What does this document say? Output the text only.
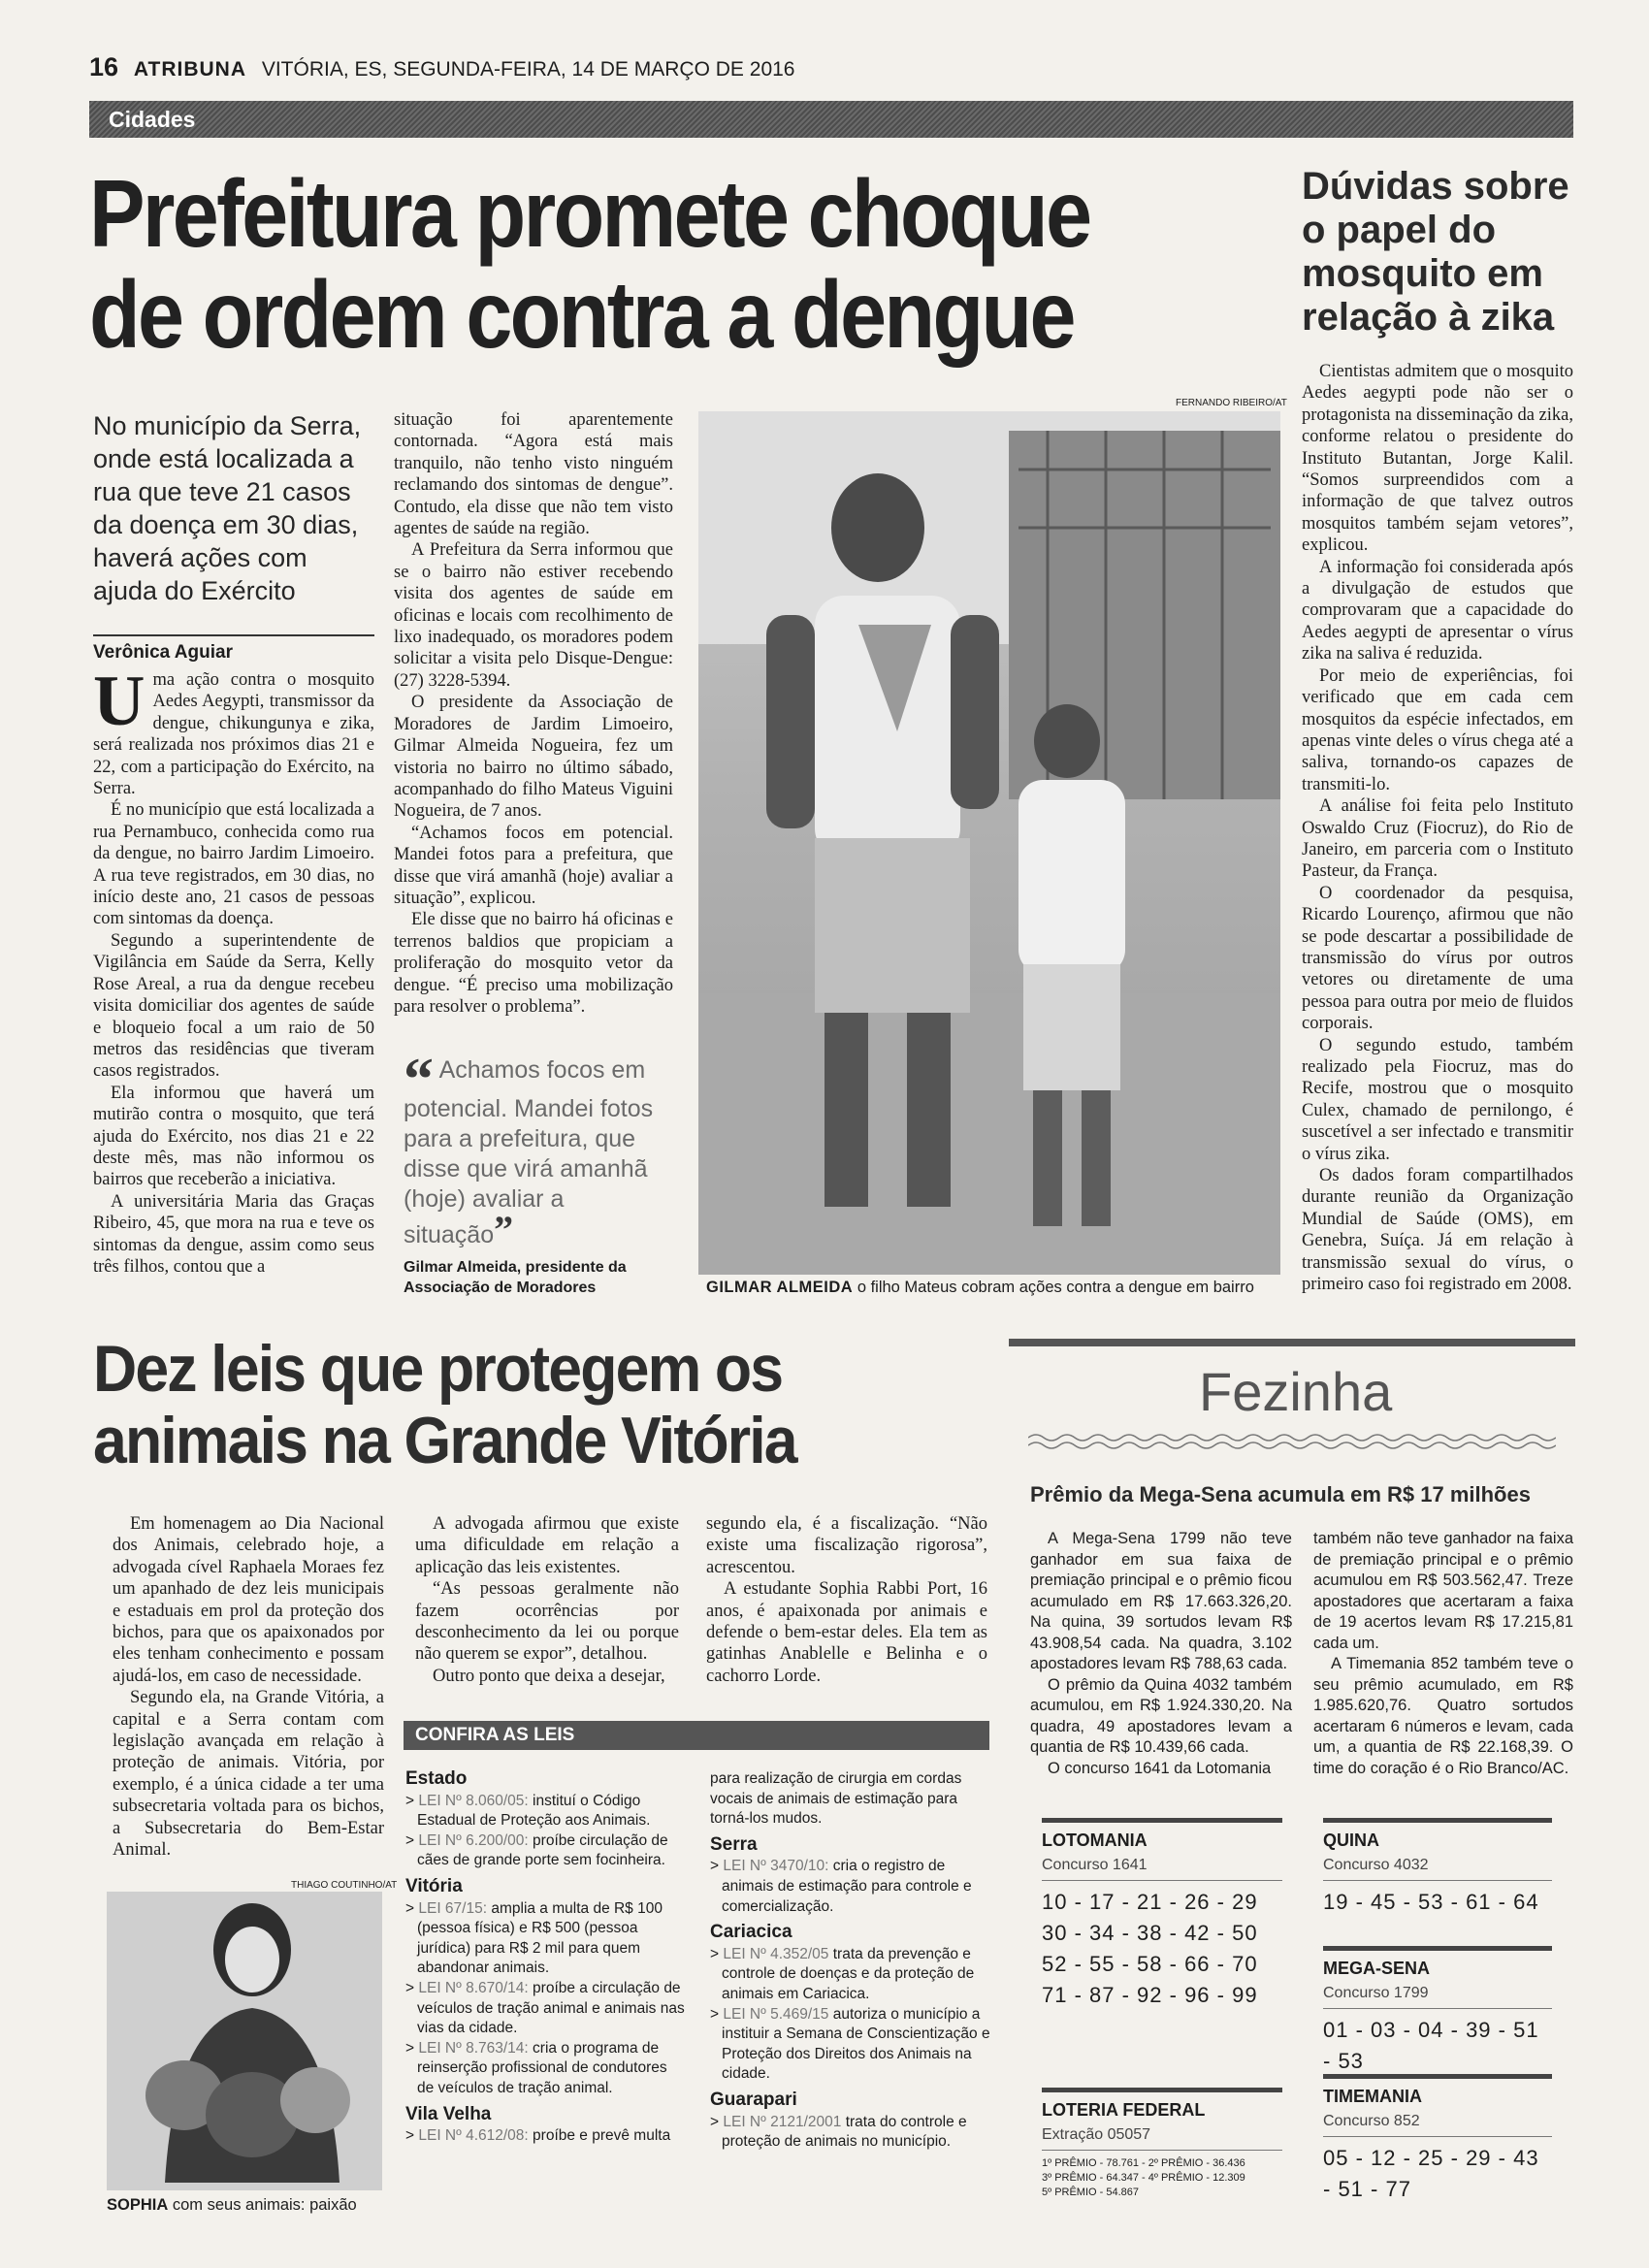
16 ATRIBUNA VITÓRIA, ES, SEGUNDA-FEIRA, 14 DE MARÇO DE 2016
Cidades
Prefeitura promete choque de ordem contra a dengue
No município da Serra, onde está localizada a rua que teve 21 casos da doença em 30 dias, haverá ações com ajuda do Exército
Verônica Aguiar

Uma ação contra o mosquito Aedes Aegypti, transmissor da dengue, chikungunya e zika, será realizada nos próximos dias 21 e 22, com a participação do Exército, na Serra.

É no município que está localizada a rua Pernambuco, conhecida como rua da dengue, no bairro Jardim Limoeiro. A rua teve registrados, em 30 dias, no início deste ano, 21 casos de pessoas com sintomas da doença.

Segundo a superintendente de Vigilância em Saúde da Serra, Kelly Rose Areal, a rua da dengue recebeu visita domiciliar dos agentes de saúde e bloqueio focal a um raio de 50 metros das residências que tiveram casos registrados.

Ela informou que haverá um mutirão contra o mosquito, que terá ajuda do Exército, nos dias 21 e 22 deste mês, mas não informou os bairros que receberão a iniciativa.

A universitária Maria das Graças Ribeiro, 45, que mora na rua e teve os sintomas da dengue, assim como seus três filhos, contou que a

situação foi aparentemente contornada. “Agora está mais tranquilo, não tenho visto ninguém reclamando dos sintomas de dengue”. Contudo, ela disse que não tem visto agentes de saúde na região.

A Prefeitura da Serra informou que se o bairro não estiver recebendo visita dos agentes de saúde em oficinas e locais com recolhimento de lixo inadequado, os moradores podem solicitar a visita pelo Disque-Dengue: (27) 3228-5394.

O presidente da Associação de Moradores de Jardim Limoeiro, Gilmar Almeida Nogueira, fez um vistoria no bairro no último sábado, acompanhado do filho Mateus Viguini Nogueira, de 7 anos.

“Achamos focos em potencial. Mandei fotos para a prefeitura, que disse que virá amanhã (hoje) avaliar a situação”, explicou.

Ele disse que no bairro há oficinas e terrenos baldios que propiciam a proliferação do mosquito vetor da dengue. “É preciso uma mobilização para resolver o problema”.

“ Achamos focos em potencial. Mandei fotos para a prefeitura, que disse que virá amanhã (hoje) avaliar a situação”
Gilmar Almeida, presidente da Associação de Moradores
FERNANDO RIBEIRO/AT
GILMAR ALMEIDA o filho Mateus cobram ações contra a dengue em bairro
Dúvidas sobre o papel do mosquito em relação à zika

Cientistas admitem que o mosquito Aedes aegypti pode não ser o protagonista na disseminação da zika, conforme relatou o presidente do Instituto Butantan, Jorge Kalil. “Somos surpreendidos com a informação de que talvez outros mosquitos também sejam vetores”, explicou.

A informação foi considerada após a divulgação de estudos que comprovaram que a capacidade do Aedes aegypti de apresentar o vírus zika na saliva é reduzida.

Por meio de experiências, foi verificado que em cada cem mosquitos da espécie infectados, em apenas vinte deles o vírus chega até a saliva, tornando-os capazes de transmiti-lo.

A análise foi feita pelo Instituto Oswaldo Cruz (Fiocruz), do Rio de Janeiro, em parceria com o Instituto Pasteur, da França.

O coordenador da pesquisa, Ricardo Lourenço, afirmou que não se pode descartar a possibilidade de transmissão do vírus por outros vetores ou diretamente de uma pessoa para outra por meio de fluidos corporais.

O segundo estudo, também realizado pela Fiocruz, mas do Recife, mostrou que o mosquito Culex, chamado de pernilongo, é suscetível a ser infectado e transmitir o vírus zika.

Os dados foram compartilhados durante reunião da Organização Mundial de Saúde (OMS), em Genebra, Suíça. Já em relação à transmissão sexual do vírus, o primeiro caso foi registrado em 2008.

Dez leis que protegem os animais na Grande Vitória

Em homenagem ao Dia Nacional dos Animais, celebrado hoje, a advogada cível Raphaela Moraes fez um apanhado de dez leis municipais e estaduais em prol da proteção dos bichos, para que os apaixonados por eles tenham conhecimento e possam ajudá-los, em caso de necessidade.

Segundo ela, na Grande Vitória, a capital e a Serra contam com legislação avançada em relação à proteção de animais. Vitória, por exemplo, é a única cidade a ter uma subsecretaria voltada para os bichos, a Subsecretaria do Bem-Estar Animal.

A advogada afirmou que existe uma dificuldade em relação a aplicação das leis existentes.

“As pessoas geralmente não fazem ocorrências por desconhecimento da lei ou porque não querem se expor”, detalhou.

Outro ponto que deixa a desejar,

segundo ela, é a fiscalização. “Não existe uma fiscalização rigorosa”, acrescentou.

A estudante Sophia Rabbi Port, 16 anos, é apaixonada por animais e defende o bem-estar deles. Ela tem as gatinhas Anablelle e Belinha e o cachorro Lorde.

CONFIRA AS LEIS
Estado
> LEI Nº 8.060/05: instituí o Código Estadual de Proteção aos Animais.
> LEI Nº 6.200/00: proíbe circulação de cães de grande porte sem focinheira.
Vitória
> LEI 67/15: amplia a multa de R$ 100 (pessoa física) e R$ 500 (pessoa jurídica) para R$ 2 mil para quem abandonar animais.
> LEI Nº 8.670/14: proíbe a circulação de veículos de tração animal e animais nas vias da cidade.
> LEI Nº 8.763/14: cria o programa de reinserção profissional de condutores de veículos de tração animal.
Vila Velha
> LEI Nº 4.612/08: proíbe e prevê multa
para realização de cirurgia em cordas vocais de animais de estimação para torná-los mudos.
Serra
> LEI Nº 3470/10: cria o registro de animais de estimação para controle e comercialização.
Cariacica
> LEI Nº 4.352/05 trata da prevenção e controle de doenças e da proteção de animais em Cariacica.
> LEI Nº 5.469/15 autoriza o município a instituir a Semana de Conscientização e Proteção dos Direitos dos Animais na cidade.
Guarapari
> LEI Nº 2121/2001 trata do controle e proteção de animais no município.
THIAGO COUTINHO/AT
SOPHIA com seus animais: paixão
Fezinha
Prêmio da Mega-Sena acumula em R$ 17 milhões

A Mega-Sena 1799 não teve ganhador em sua faixa de premiação principal e o prêmio ficou acumulado em R$ 17.663.326,20. Na quina, 39 sortudos levam R$ 43.908,54 cada. Na quadra, 3.102 apostadores levam R$ 788,63 cada.

O prêmio da Quina 4032 também acumulou, em R$ 1.924.330,20. Na quadra, 49 apostadores levam a quantia de R$ 10.439,66 cada.

O concurso 1641 da Lotomania

também não teve ganhador na faixa de premiação principal e o prêmio acumulou em R$ 503.562,47. Treze apostadores que acertaram a faixa de 19 acertos levam R$ 17.215,81 cada um.

A Timemania 852 também teve o seu prêmio acumulado, em R$ 1.985.620,76. Quatro sortudos acertaram 6 números e levam, cada um, a quantia de R$ 22.168,39. O time do coração é o Rio Branco/AC.

LOTOMANIA
Concurso 1641
10 - 17 - 21 - 26 - 29
30 - 34 - 38 - 42 - 50
52 - 55 - 58 - 66 - 70
71 - 87 - 92 - 96 - 99
LOTERIA FEDERAL
Extração 05057
1º PRÊMIO - 78.761 - 2º PRÊMIO - 36.436
3º PRÊMIO - 64.347 - 4º PRÊMIO - 12.309
5º PRÊMIO - 54.867
QUINA
Concurso 4032
19 - 45 - 53 - 61 - 64
MEGA-SENA
Concurso 1799
01 - 03 - 04 - 39 - 51 - 53
TIMEMANIA
Concurso 852
05 - 12 - 25 - 29 - 43 - 51 - 77
